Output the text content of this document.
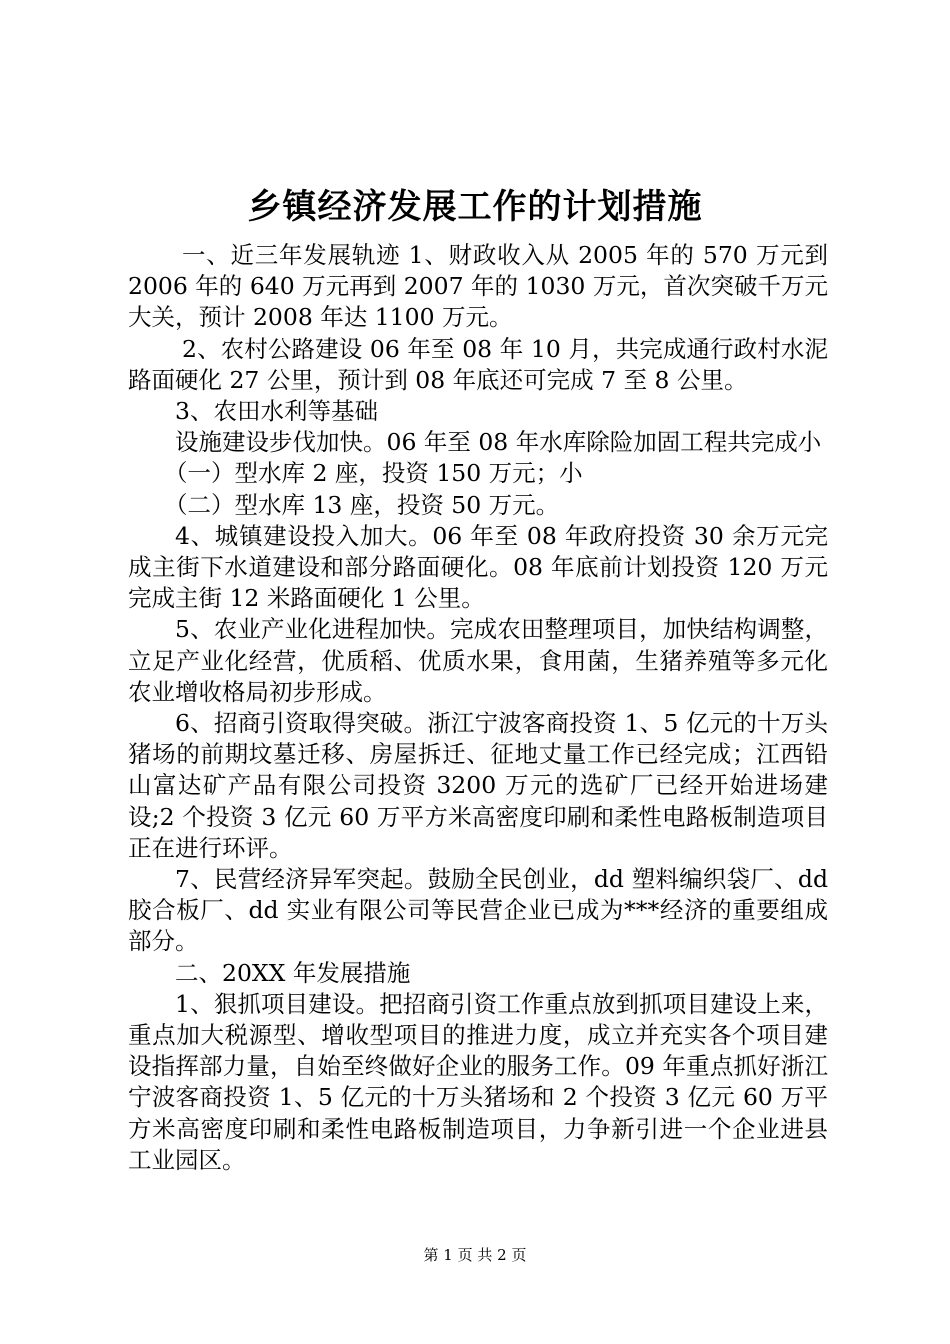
乡镇经济发展工作的计划措施

一、近三年发展轨迹 1、财政收入从 2005 年的 570 万元到 2006 年的 640 万元再到 2007 年的 1030 万元，首次突破千万元大关，预计 2008 年达 1100 万元。

2、农村公路建设 06 年至 08 年 10 月，共完成通行政村水泥路面硬化 27 公里，预计到 08 年底还可完成 7 至 8 公里。

3、农田水利等基础

设施建设步伐加快。06 年至 08 年水库除险加固工程共完成小

（一）型水库 2 座，投资 150 万元；小

（二）型水库 13 座，投资 50 万元。

4、城镇建设投入加大。06 年至 08 年政府投资 30 余万元完成主街下水道建设和部分路面硬化。08 年底前计划投资 120 万元完成主街 12 米路面硬化 1 公里。

5、农业产业化进程加快。完成农田整理项目，加快结构调整，立足产业化经营，优质稻、优质水果，食用菌，生猪养殖等多元化农业增收格局初步形成。

6、招商引资取得突破。浙江宁波客商投资 1、5 亿元的十万头猪场的前期坟墓迁移、房屋拆迁、征地丈量工作已经完成；江西铅山富达矿产品有限公司投资 3200 万元的选矿厂已经开始进场建设;2 个投资 3 亿元 60 万平方米高密度印刷和柔性电路板制造项目正在进行环评。

7、民营经济异军突起。鼓励全民创业，dd 塑料编织袋厂、dd 胶合板厂、dd 实业有限公司等民营企业已成为***经济的重要组成部分。

二、20XX 年发展措施

1、狠抓项目建设。把招商引资工作重点放到抓项目建设上来，重点加大税源型、增收型项目的推进力度，成立并充实各个项目建设指挥部力量，自始至终做好企业的服务工作。09 年重点抓好浙江宁波客商投资 1、5 亿元的十万头猪场和 2 个投资 3 亿元 60 万平方米高密度印刷和柔性电路板制造项目，力争新引进一个企业进县工业园区。

第 1 页 共 2 页
